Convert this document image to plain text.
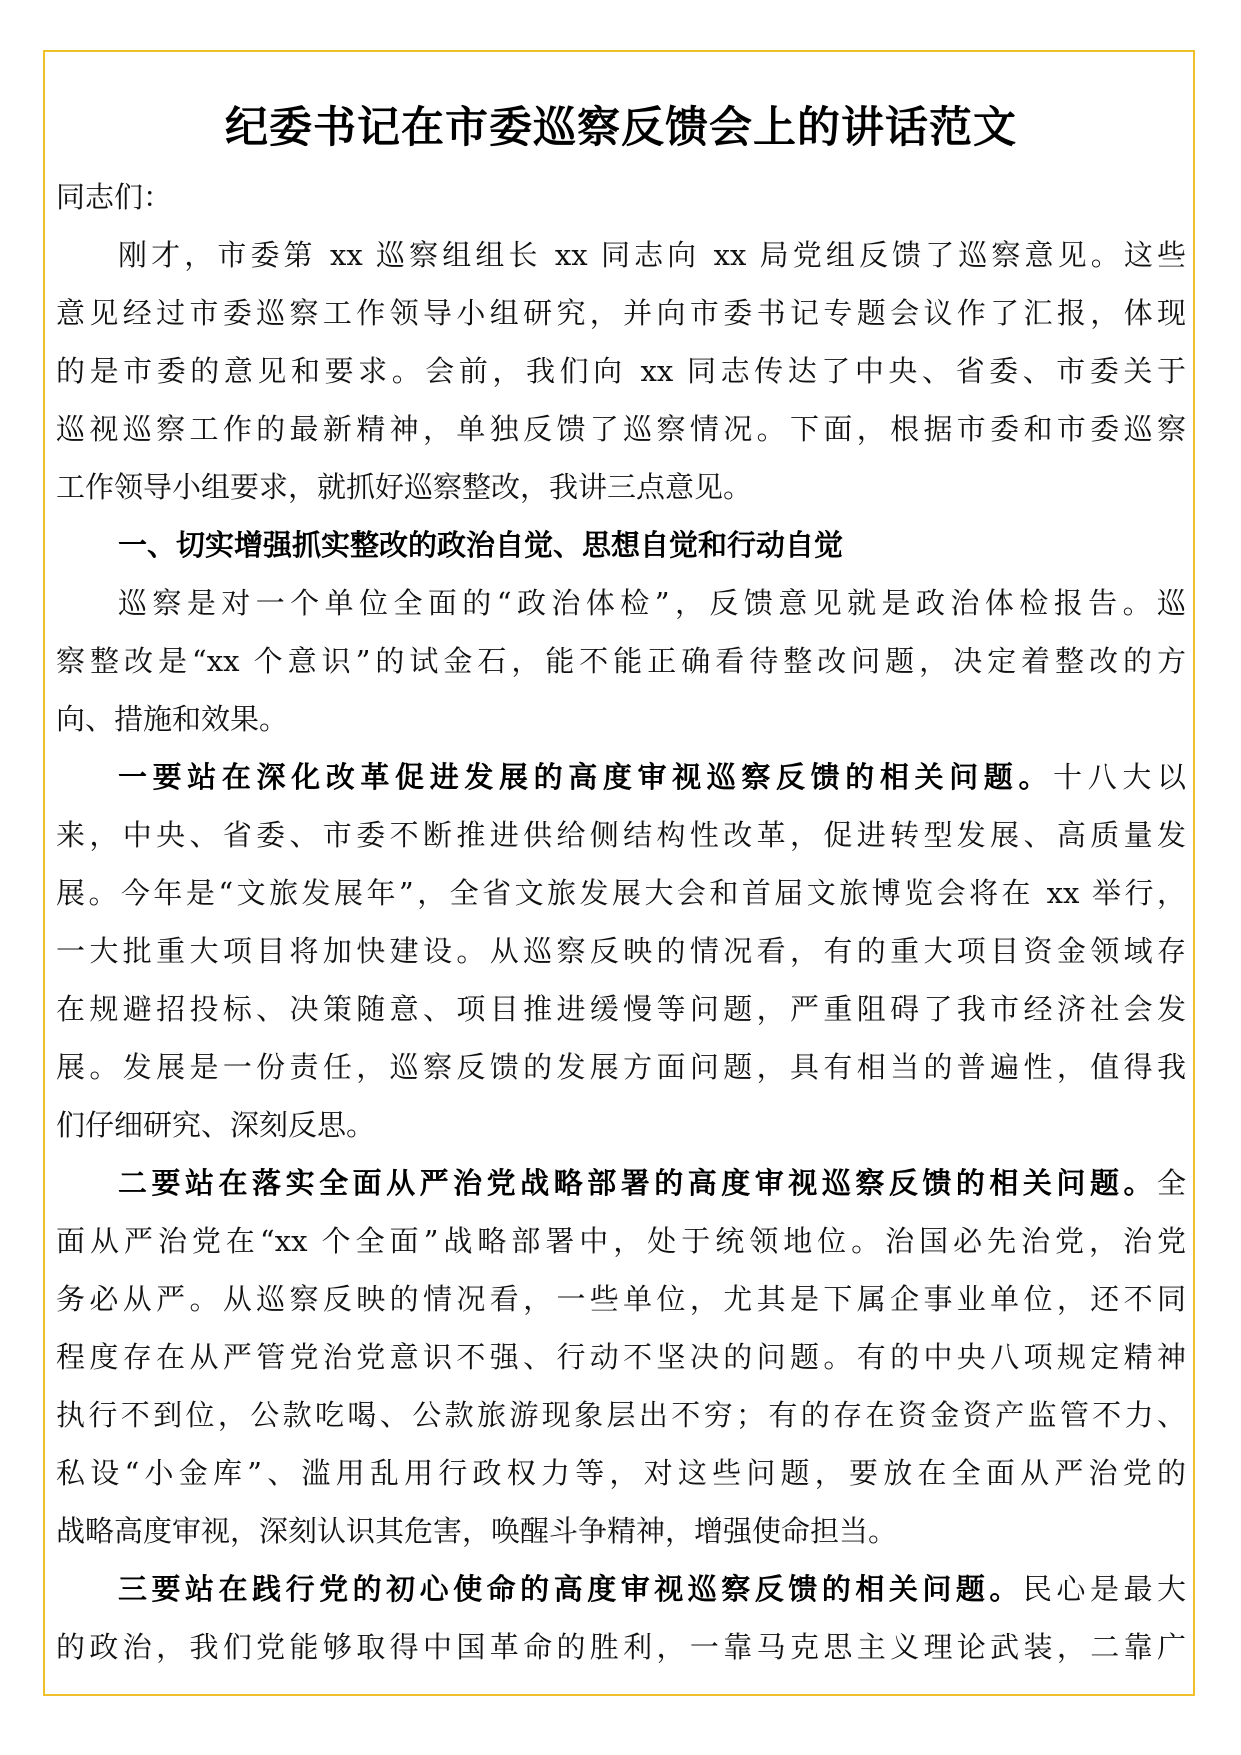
纪委书记在市委巡察反馈会上的讲话范文
同志们：
刚才，市委第 xx 巡察组组长 xx 同志向 xx 局党组反馈了巡察意见。这些
意见经过市委巡察工作领导小组研究，并向市委书记专题会议作了汇报，体现
的是市委的意见和要求。会前，我们向 xx 同志传达了中央、省委、市委关于
巡视巡察工作的最新精神，单独反馈了巡察情况。下面，根据市委和市委巡察
工作领导小组要求，就抓好巡察整改，我讲三点意见。
一、切实增强抓实整改的政治自觉、思想自觉和行动自觉
巡察是对一个单位全面的“政治体检”，反馈意见就是政治体检报告。巡
察整改是“xx 个意识”的试金石，能不能正确看待整改问题，决定着整改的方
向、措施和效果。
一要站在深化改革促进发展的高度审视巡察反馈的相关问题。十八大以
来，中央、省委、市委不断推进供给侧结构性改革，促进转型发展、高质量发
展。今年是“文旅发展年”，全省文旅发展大会和首届文旅博览会将在 xx 举行，
一大批重大项目将加快建设。从巡察反映的情况看，有的重大项目资金领域存
在规避招投标、决策随意、项目推进缓慢等问题，严重阻碍了我市经济社会发
展。发展是一份责任，巡察反馈的发展方面问题，具有相当的普遍性，值得我
们仔细研究、深刻反思。
二要站在落实全面从严治党战略部署的高度审视巡察反馈的相关问题。全
面从严治党在“xx 个全面”战略部署中，处于统领地位。治国必先治党，治党
务必从严。从巡察反映的情况看，一些单位，尤其是下属企事业单位，还不同
程度存在从严管党治党意识不强、行动不坚决的问题。有的中央八项规定精神
执行不到位，公款吃喝、公款旅游现象层出不穷；有的存在资金资产监管不力、
私设“小金库”、滥用乱用行政权力等，对这些问题，要放在全面从严治党的
战略高度审视，深刻认识其危害，唤醒斗争精神，增强使命担当。
三要站在践行党的初心使命的高度审视巡察反馈的相关问题。民心是最大
的政治，我们党能够取得中国革命的胜利，一靠马克思主义理论武装，二靠广
